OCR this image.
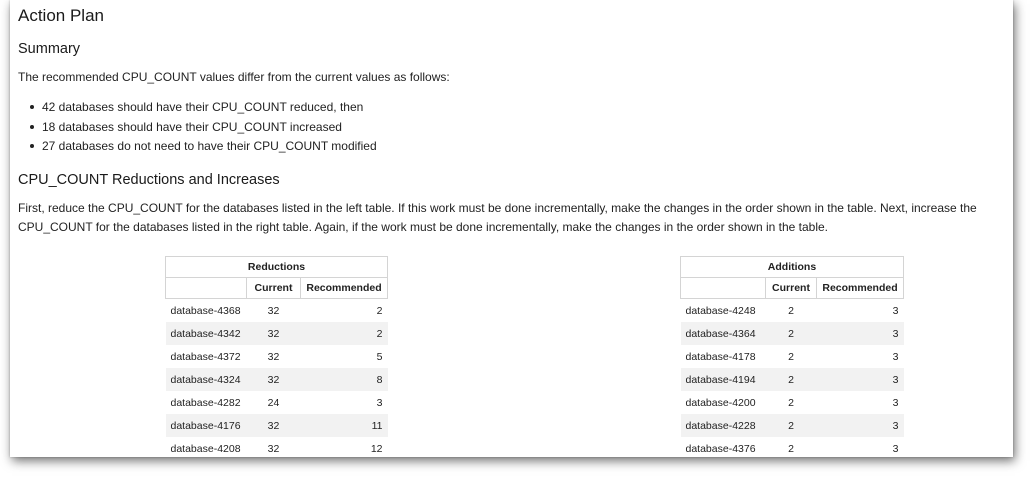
Action Plan
Summary

The recommended CPU_COUNT values differ from the current values as follows:

42 databases should have their CPU_COUNT reduced, then
18 databases should have their CPU_COUNT increased
27 databases do not need to have their CPU_COUNT modified
CPU_COUNT Reductions and Increases

First, reduce the CPU_COUNT for the databases listed in the left table. If this work must be done incrementally, make the changes in the order shown in the table. Next, increase the CPU_COUNT for the databases listed in the right table. Again, if the work must be done incrementally, make the changes in the order shown in the table.

Reductions		
	Current	Recommended
database-4368	32	2
database-4342	32	2
database-4372	32	5
database-4324	32	8
database-4282	24	3
database-4176	32	11
database-4208	32	12
Additions		
	Current	Recommended
database-4248	2	3
database-4364	2	3
database-4178	2	3
database-4194	2	3
database-4200	2	3
database-4228	2	3
database-4376	2	3
